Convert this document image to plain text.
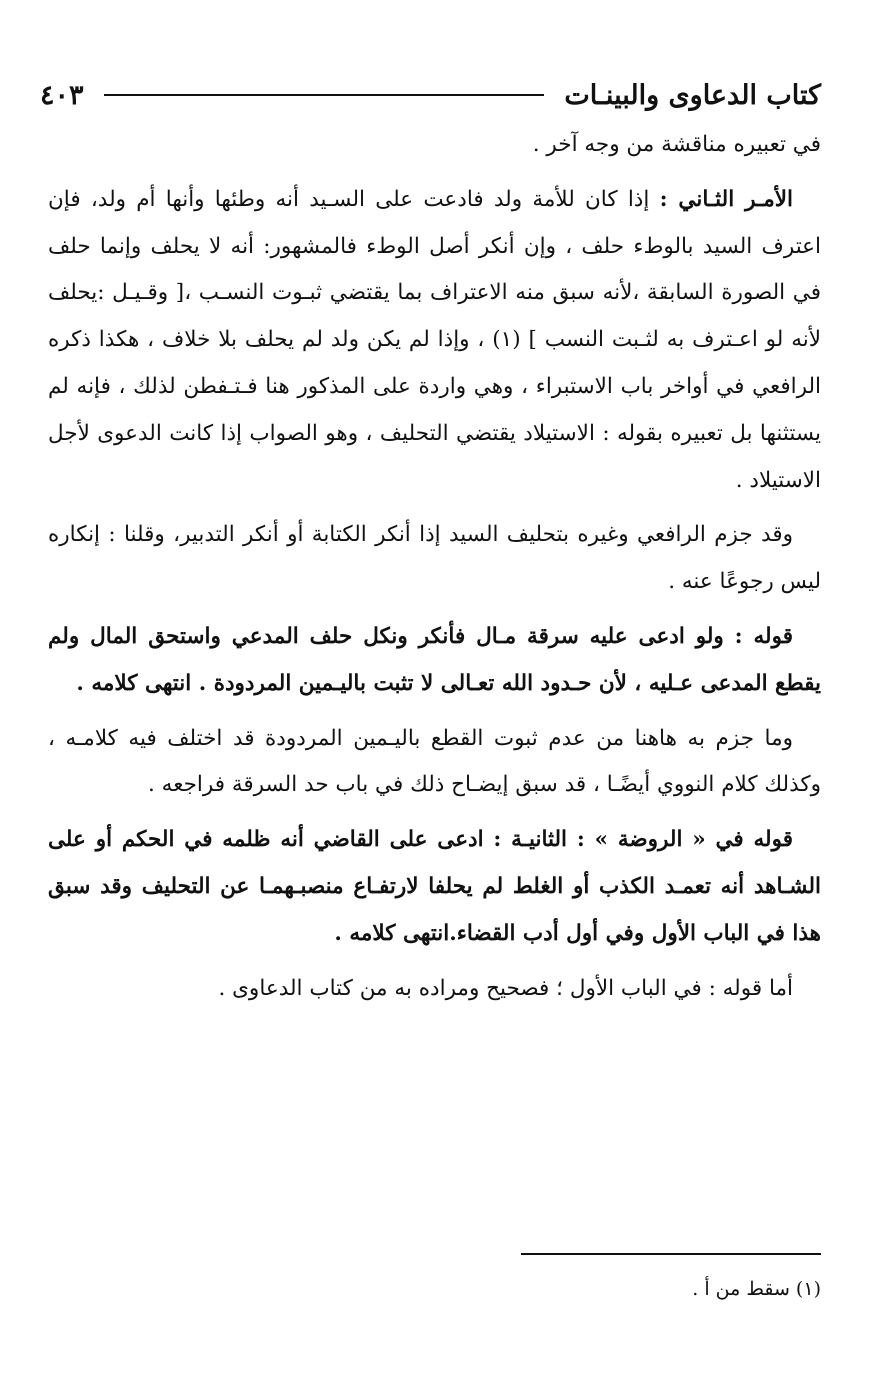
كتاب الدعاوى والبينـات
٤٠٣

في تعبيره مناقشة من وجه آخر .

الأمـر الثـاني : إذا كان للأمة ولد فادعت على السـيد أنه وطئها وأنها أم ولد، فإن اعترف السيد بالوطء حلف ، وإن أنكر أصل الوطء فالمشهور: أنه لا يحلف وإنما حلف في الصورة السابقة ،لأنه سبق منه الاعتراف بما يقتضي ثبـوت النسـب ،[ وقـيـل :يحلف لأنه لو اعـترف به لثـبت النسب ] (١) ، وإذا لم يكن ولد لم يحلف بلا خلاف ، هكذا ذكره الرافعي في أواخر باب الاستبراء ، وهي واردة على المذكور هنا فـتـفطن لذلك ، فإنه لم يستثنها بل تعبيره بقوله : الاستيلاد يقتضي التحليف ، وهو الصواب إذا كانت الدعوى لأجل الاستيلاد .

وقد جزم الرافعي وغيره بتحليف السيد إذا أنكر الكتابة أو أنكر التدبير، وقلنا : إنكاره ليس رجوعًا عنه .

قوله : ولو ادعى عليه سرقة مـال فأنكر ونكل حلف المدعي واستحق المال ولم يقطع المدعى عـليه ، لأن حـدود الله تعـالى لا تثبت باليـمين المردودة . انتهى كلامه .

وما جزم به هاهنا من عدم ثبوت القطع باليـمين المردودة قد اختلف فيه كلامـه ، وكذلك كلام النووي أيضًـا ، قد سبق إيضـاح ذلك في باب حد السرقة فراجعه .

قوله في « الروضة » : الثانيـة : ادعى على القاضي أنه ظلمه في الحكم أو على الشـاهد أنه تعمـد الكذب أو الغلط لم يحلفا لارتفـاع منصبـهمـا عن التحليف وقد سبق هذا في الباب الأول وفي أول أدب القضاء.انتهى كلامه .

أما قوله : في الباب الأول ؛ فصحيح ومراده به من كتاب الدعاوى .

(١) سقط من أ .
